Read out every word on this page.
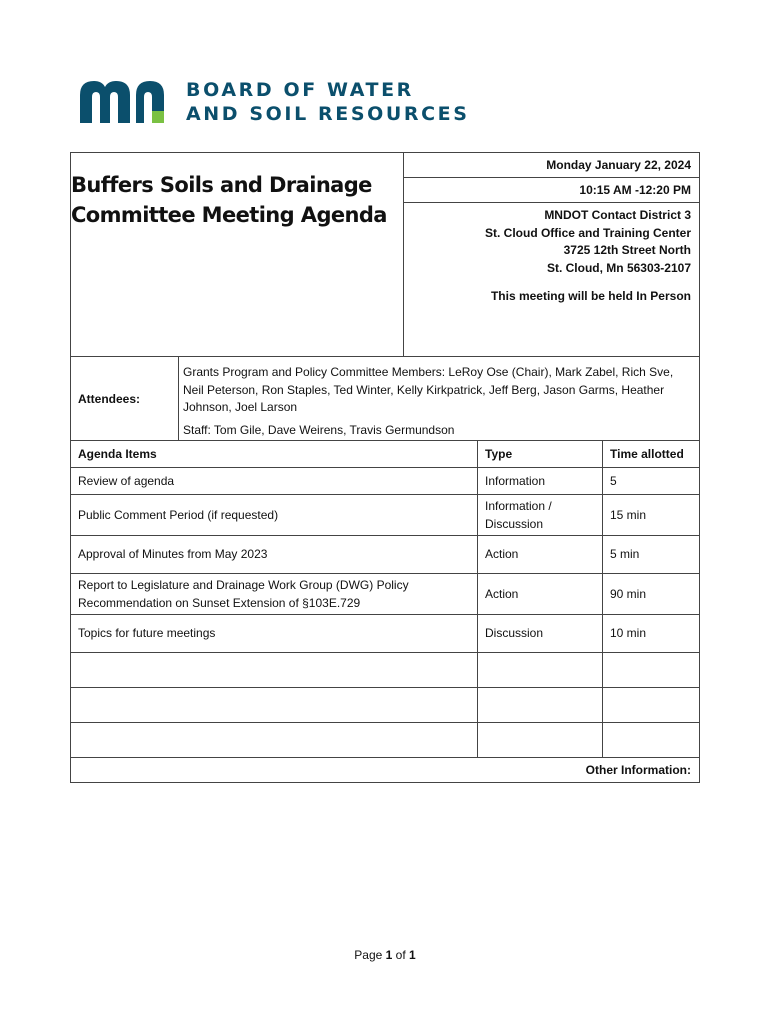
BOARD OF WATER
AND SOIL RESOURCES
Buffers Soils and Drainage
Committee Meeting Agenda
Monday January 22, 2024
10:15 AM -12:20 PM
MNDOT Contact District 3
St. Cloud Office and Training Center
3725 12th Street North
St. Cloud, Mn 56303-2107
This meeting will be held In Person
Attendees:
Grants Program and Policy Committee Members: LeRoy Ose (Chair), Mark Zabel, Rich Sve, Neil Peterson, Ron Staples, Ted Winter, Kelly Kirkpatrick, Jeff Berg, Jason Garms, Heather Johnson, Joel Larson
Staff: Tom Gile, Dave Weirens, Travis Germundson
Agenda Items	Type	Time allotted
Review of agenda	Information	5
Public Comment Period (if requested)	Information / Discussion	15 min
Approval of Minutes from May 2023	Action	5 min
Report to Legislature and Drainage Work Group (DWG) Policy Recommendation on Sunset Extension of §103E.729	Action	90 min
Topics for future meetings	Discussion	10 min

Other Information:		
Page 1 of 1
